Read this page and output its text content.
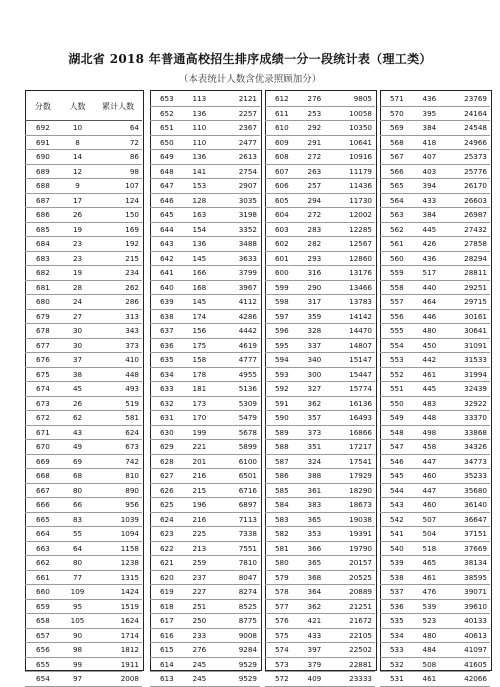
湖北省 2018 年普通高校招生排序成绩一分一段统计表（理工类）
（本表统计人数含优录照顾加分）
分数	人数	累计人数
692	10	64
691	8	72
690	14	86
689	12	98
688	9	107
687	17	124
686	26	150
685	19	169
684	23	192
683	23	215
682	19	234
681	28	262
680	24	286
679	27	313
678	30	343
677	30	373
676	37	410
675	38	448
674	45	493
673	26	519
672	62	581
671	43	624
670	49	673
669	69	742
668	68	810
667	80	890
666	66	956
665	83	1039
664	55	1094
663	64	1158
662	80	1238
661	77	1315
660	109	1424
659	95	1519
658	105	1624
657	90	1714
656	98	1812
655	99	1911
654	97	2008
653	113	2121
652	136	2257
651	110	2367
650	110	2477
649	136	2613
648	141	2754
647	153	2907
646	128	3035
645	163	3198
644	154	3352
643	136	3488
642	145	3633
641	166	3799
640	168	3967
639	145	4112
638	174	4286
637	156	4442
636	175	4619
635	158	4777
634	178	4955
633	181	5136
632	173	5309
631	170	5479
630	199	5678
629	221	5899
628	201	6100
627	216	6501
626	215	6716
625	196	6897
624	216	7113
623	225	7338
622	213	7551
621	259	7810
620	237	8047
619	227	8274
618	251	8525
617	250	8775
616	233	9008
615	276	9284
614	245	9529
613	245	9529
612	276	9805
611	253	10058
610	292	10350
609	291	10641
608	272	10916
607	263	11179
606	257	11436
605	294	11730
604	272	12002
603	283	12285
602	282	12567
601	293	12860
600	316	13176
599	290	13466
598	317	13783
597	359	14142
596	328	14470
595	337	14807
594	340	15147
593	300	15447
592	327	15774
591	362	16136
590	357	16493
589	373	16866
588	351	17217
587	324	17541
586	388	17929
585	361	18290
584	383	18673
583	365	19038
582	353	19391
581	366	19790
580	365	20157
579	368	20525
578	364	20889
577	362	21251
576	421	21672
575	433	22105
574	397	22502
573	379	22881
572	409	23333
571	436	23769
570	395	24164
569	384	24548
568	418	24966
567	407	25373
566	403	25776
565	394	26170
564	433	26603
563	384	26987
562	445	27432
561	426	27858
560	436	28294
559	517	28811
558	440	29251
557	464	29715
556	446	30161
555	480	30641
554	450	31091
553	442	31533
552	461	31994
551	445	32439
550	483	32922
549	448	33370
548	498	33868
547	458	34326
546	447	34773
545	460	35233
544	447	35680
543	460	36140
542	507	36647
541	504	37151
540	518	37669
539	465	38134
538	461	38595
537	476	39071
536	539	39610
535	523	40133
534	480	40613
533	484	41097
532	508	41605
531	461	42066
